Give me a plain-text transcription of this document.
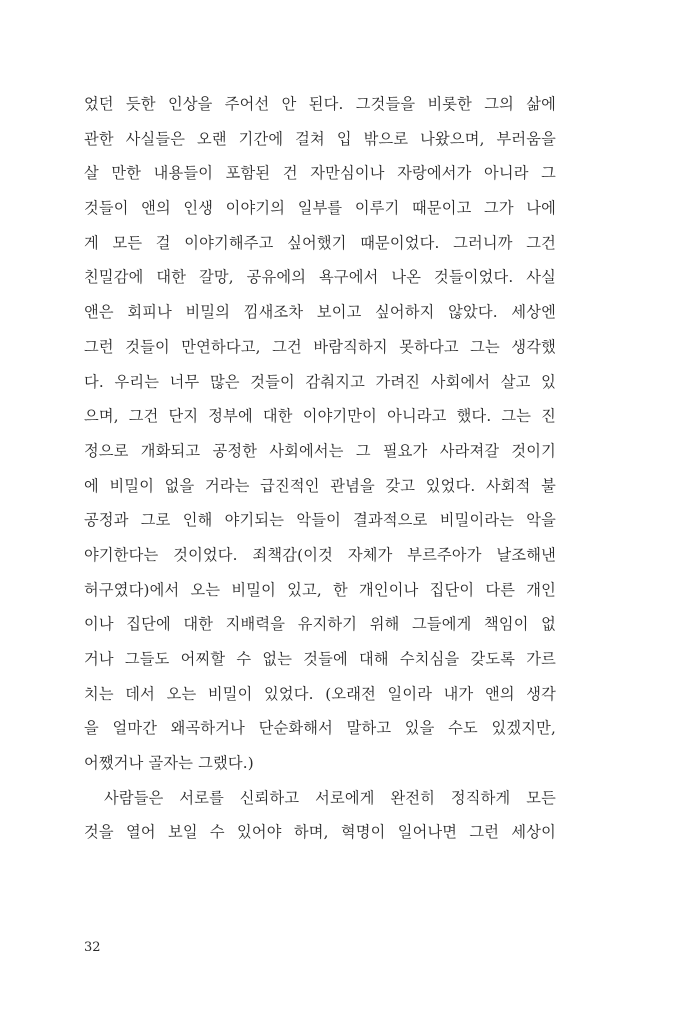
었던 듯한 인상을 주어선 안 된다. 그것들을 비롯한 그의 삶에
관한 사실들은 오랜 기간에 걸쳐 입 밖으로 나왔으며, 부러움을
살 만한 내용들이 포함된 건 자만심이나 자랑에서가 아니라 그
것들이 앤의 인생 이야기의 일부를 이루기 때문이고 그가 나에
게 모든 걸 이야기해주고 싶어했기 때문이었다. 그러니까 그건
친밀감에 대한 갈망, 공유에의 욕구에서 나온 것들이었다. 사실
앤은 회피나 비밀의 낌새조차 보이고 싶어하지 않았다. 세상엔
그런 것들이 만연하다고, 그건 바람직하지 못하다고 그는 생각했
다. 우리는 너무 많은 것들이 감춰지고 가려진 사회에서 살고 있
으며, 그건 단지 정부에 대한 이야기만이 아니라고 했다. 그는 진
정으로 개화되고 공정한 사회에서는 그 필요가 사라져갈 것이기
에 비밀이 없을 거라는 급진적인 관념을 갖고 있었다. 사회적 불
공정과 그로 인해 야기되는 악들이 결과적으로 비밀이라는 악을
야기한다는 것이었다. 죄책감(이것 자체가 부르주아가 날조해낸
허구였다)에서 오는 비밀이 있고, 한 개인이나 집단이 다른 개인
이나 집단에 대한 지배력을 유지하기 위해 그들에게 책임이 없
거나 그들도 어찌할 수 없는 것들에 대해 수치심을 갖도록 가르
치는 데서 오는 비밀이 있었다. (오래전 일이라 내가 앤의 생각
을 얼마간 왜곡하거나 단순화해서 말하고 있을 수도 있겠지만,
어쨌거나 골자는 그랬다.)
사람들은 서로를 신뢰하고 서로에게 완전히 정직하게 모든
것을 열어 보일 수 있어야 하며, 혁명이 일어나면 그런 세상이
32
